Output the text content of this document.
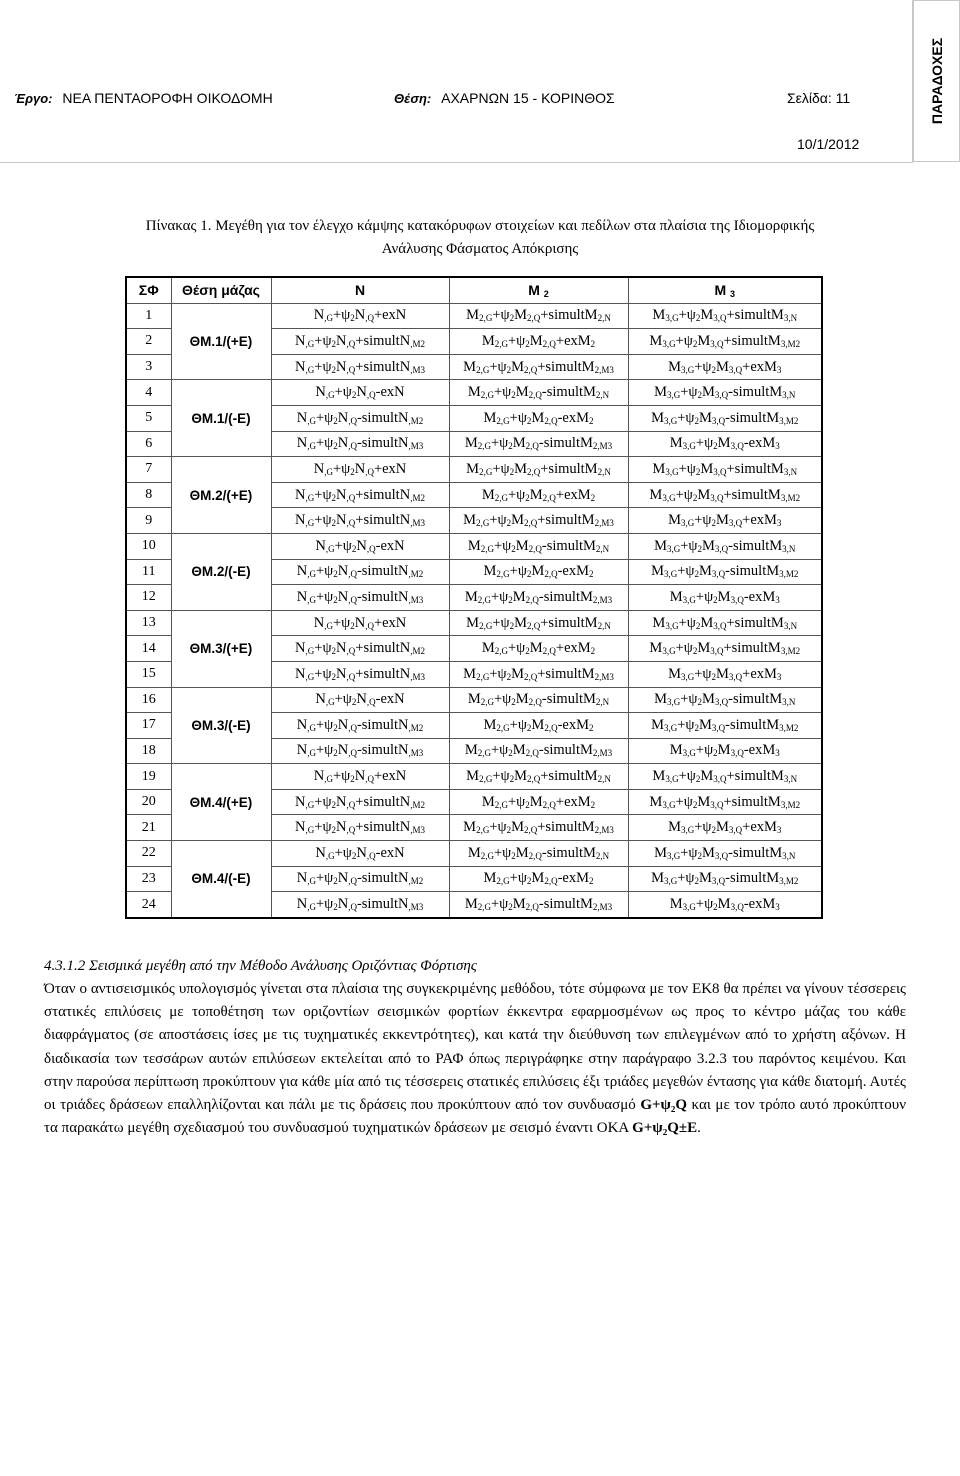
Έργο: ΝΕΑ ΠΕΝΤΑΟΡΟΦΗ ΟΙΚΟΔΟΜΗ	Θέση: ΑΧΑΡΝΩΝ 15 - ΚΟΡΙΝΘΟΣ	Σελίδα: 11
10/1/2012
ΠΑΡΑΔΟΧΕΣ
Πίνακας 1. Μεγέθη για τον έλεγχο κάμψης κατακόρυφων στοιχείων και πεδίλων στα πλαίσια της Ιδιομορφικής
Ανάλυσης Φάσματος Απόκρισης
ΣΦ	Θέση μάζας	N	M $_2$	M $_3$
1	ΘΜ.1/(+Ε)	$N_{,G}+\psi_2N_{,Q}+exN$	$M_{2,G}+\psi_2M_{2,Q}+simultM_{2,N}$	$M_{3,G}+\psi_2M_{3,Q}+simultM_{3,N}$
2		$N_{,G}+\psi_2N_{,Q}+simultN_{,M2}$	$M_{2,G}+\psi_2M_{2,Q}+exM_2$	$M_{3,G}+\psi_2M_{3,Q}+simultM_{3,M2}$
3		$N_{,G}+\psi_2N_{,Q}+simultN_{,M3}$	$M_{2,G}+\psi_2M_{2,Q}+simultM_{2,M3}$	$M_{3,G}+\psi_2M_{3,Q}+exM_3$
4	ΘΜ.1/(-Ε)	$N_{,G}+\psi_2N_{,Q}$-exN	$M_{2,G}+\psi_2M_{2,Q}-simultM_{2,N}$	$M_{3,G}+\psi_2M_{3,Q}-simultM_{3,N}$
5		$N_{,G}+\psi_2N_{,Q}-simultN_{,M2}$	$M_{2,G}+\psi_2M_{2,Q}-exM_2$	$M_{3,G}+\psi_2M_{3,Q}-simultM_{3,M2}$
6		$N_{,G}+\psi_2N_{,Q}-simultN_{,M3}$	$M_{2,G}+\psi_2M_{2,Q}-simultM_{2,M3}$	$M_{3,G}+\psi_2M_{3,Q}-exM_3$
7	ΘΜ.2/(+Ε)	$N_{,G}+\psi_2N_{,Q}+exN$	$M_{2,G}+\psi_2M_{2,Q}+simultM_{2,N}$	$M_{3,G}+\psi_2M_{3,Q}+simultM_{3,N}$
8		$N_{,G}+\psi_2N_{,Q}+simultN_{,M2}$	$M_{2,G}+\psi_2M_{2,Q}+exM_2$	$M_{3,G}+\psi_2M_{3,Q}+simultM_{3,M2}$
9		$N_{,G}+\psi_2N_{,Q}+simultN_{,M3}$	$M_{2,G}+\psi_2M_{2,Q}+simultM_{2,M3}$	$M_{3,G}+\psi_2M_{3,Q}+exM_3$
10	ΘΜ.2/(-Ε)	$N_{,G}+\psi_2N_{,Q}$-exN	$M_{2,G}+\psi_2M_{2,Q}-simultM_{2,N}$	$M_{3,G}+\psi_2M_{3,Q}-simultM_{3,N}$
11		$N_{,G}+\psi_2N_{,Q}-simultN_{,M2}$	$M_{2,G}+\psi_2M_{2,Q}-exM_2$	$M_{3,G}+\psi_2M_{3,Q}-simultM_{3,M2}$
12		$N_{,G}+\psi_2N_{,Q}-simultN_{,M3}$	$M_{2,G}+\psi_2M_{2,Q}-simultM_{2,M3}$	$M_{3,G}+\psi_2M_{3,Q}-exM_3$
13	ΘΜ.3/(+Ε)	$N_{,G}+\psi_2N_{,Q}+exN$	$M_{2,G}+\psi_2M_{2,Q}+simultM_{2,N}$	$M_{3,G}+\psi_2M_{3,Q}+simultM_{3,N}$
14		$N_{,G}+\psi_2N_{,Q}+simultN_{,M2}$	$M_{2,G}+\psi_2M_{2,Q}+exM_2$	$M_{3,G}+\psi_2M_{3,Q}+simultM_{3,M2}$
15		$N_{,G}+\psi_2N_{,Q}+simultN_{,M3}$	$M_{2,G}+\psi_2M_{2,Q}+simultM_{2,M3}$	$M_{3,G}+\psi_2M_{3,Q}+exM_3$
16	ΘΜ.3/(-Ε)	$N_{,G}+\psi_2N_{,Q}$-exN	$M_{2,G}+\psi_2M_{2,Q}-simultM_{2,N}$	$M_{3,G}+\psi_2M_{3,Q}-simultM_{3,N}$
17		$N_{,G}+\psi_2N_{,Q}-simultN_{,M2}$	$M_{2,G}+\psi_2M_{2,Q}-exM_2$	$M_{3,G}+\psi_2M_{3,Q}-simultM_{3,M2}$
18		$N_{,G}+\psi_2N_{,Q}-simultN_{,M3}$	$M_{2,G}+\psi_2M_{2,Q}-simultM_{2,M3}$	$M_{3,G}+\psi_2M_{3,Q}-exM_3$
19	ΘΜ.4/(+Ε)	$N_{,G}+\psi_2N_{,Q}+exN$	$M_{2,G}+\psi_2M_{2,Q}+simultM_{2,N}$	$M_{3,G}+\psi_2M_{3,Q}+simultM_{3,N}$
20		$N_{,G}+\psi_2N_{,Q}+simultN_{,M2}$	$M_{2,G}+\psi_2M_{2,Q}+exM_2$	$M_{3,G}+\psi_2M_{3,Q}+simultM_{3,M2}$
21		$N_{,G}+\psi_2N_{,Q}+simultN_{,M3}$	$M_{2,G}+\psi_2M_{2,Q}+simultM_{2,M3}$	$M_{3,G}+\psi_2M_{3,Q}+exM_3$
22	ΘΜ.4/(-Ε)	$N_{,G}+\psi_2N_{,Q}$-exN	$M_{2,G}+\psi_2M_{2,Q}-simultM_{2,N}$	$M_{3,G}+\psi_2M_{3,Q}-simultM_{3,N}$
23		$N_{,G}+\psi_2N_{,Q}-simultN_{,M2}$	$M_{2,G}+\psi_2M_{2,Q}-exM_2$	$M_{3,G}+\psi_2M_{3,Q}-simultM_{3,M2}$
24		$N_{,G}+\psi_2N_{,Q}-simultN_{,M3}$	$M_{2,G}+\psi_2M_{2,Q}-simultM_{2,M3}$	$M_{3,G}+\psi_2M_{3,Q}-exM_3$
4.3.1.2 Σεισμικά μεγέθη από την Μέθοδο Ανάλυσης Οριζόντιας Φόρτισης
Όταν ο αντισεισμικός υπολογισμός γίνεται στα πλαίσια της συγκεκριμένης μεθόδου, τότε σύμφωνα με τον ΕΚ8 θα πρέπει να γίνουν τέσσερεις στατικές επιλύσεις με τοποθέτηση των οριζοντίων σεισμικών φορτίων έκκεντρα εφαρμοσμένων ως προς το κέντρο μάζας του κάθε διαφράγματος (σε αποστάσεις ίσες με τις τυχηματικές εκκεντρότητες), και κατά την διεύθυνση των επιλεγμένων από το χρήστη αξόνων. Η διαδικασία των τεσσάρων αυτών επιλύσεων εκτελείται από το ΡΑΦ όπως περιγράφηκε στην παράγραφο 3.2.3 του παρόντος κειμένου. Και στην παρούσα περίπτωση προκύπτουν για κάθε μία από τις τέσσερεις στατικές επιλύσεις έξι τριάδες μεγεθών έντασης για κάθε διατομή. Αυτές οι τριάδες δράσεων επαλληλίζονται και πάλι με τις δράσεις που προκύπτουν από τον συνδυασμό G+ψ₂Q και με τον τρόπο αυτό προκύπτουν τα παρακάτω μεγέθη σχεδιασμού του συνδυασμού τυχηματικών δράσεων με σεισμό έναντι ΟΚΑ G+ψ₂Q±E.
